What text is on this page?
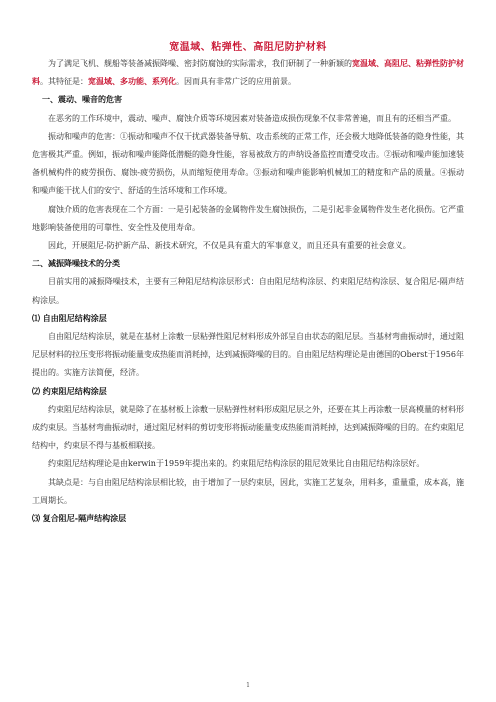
宽温域、粘弹性、高阻尼防护材料

为了满足飞机、舰船等装备减振降噪、密封防腐蚀的实际需求，我们研制了一种新颖的宽温域、高阻尼、粘弹性防护材料。其特征是：宽温域、多功能、系列化。因而具有非常广泛的应用前景。

一、震动、噪音的危害

在恶劣的工作环境中，震动、噪声、腐蚀介质等环境因素对装备造成损伤现象不仅非常普遍，而且有的还相当严重。

振动和噪声的危害：①振动和噪声不仅干扰武器装备导航、攻击系统的正常工作，还会极大地降低装备的隐身性能，其危害极其严重。例如，振动和噪声能降低潜艇的隐身性能，容易被敌方的声纳设备监控而遭受攻击。②振动和噪声能加速装备机械构件的疲劳损伤、腐蚀-疲劳损伤，从而缩短使用寿命。③振动和噪声能影响机械加工的精度和产品的质量。④振动和噪声能干扰人们的安宁、舒适的生活环境和工作环境。

腐蚀介质的危害表现在二个方面：一是引起装备的金属物件发生腐蚀损伤，二是引起非金属物件发生老化损伤。它严重地影响装备使用的可靠性、安全性及使用寿命。

因此，开展阻尼-防护新产品、新技术研究，不仅是具有重大的军事意义，而且还具有重要的社会意义。

二、减振降噪技术的分类

目前实用的减振降噪技术，主要有三种阻尼结构涂层形式：自由阻尼结构涂层、约束阻尼结构涂层、复合阻尼-隔声结构涂层。

⑴ 自由阻尼结构涂层

自由阻尼结构涂层，就是在基材上涂敷一层粘弹性阻尼材料形成外部呈自由状态的阻尼层。当基材弯曲振动时，通过阻尼层材料的拉压变形将振动能量变成热能而消耗掉，达到减振降噪的目的。自由阻尼结构理论是由德国的Oberst于1956年提出的。实施方法简便，经济。

⑵ 约束阻尼结构涂层

约束阻尼结构涂层，就是除了在基材板上涂敷一层粘弹性材料形成阻尼层之外，还要在其上再涂敷一层高模量的材料形成约束层。当基材弯曲振动时，通过阻尼材料的剪切变形将振动能量变成热能而消耗掉，达到减振降噪的目的。在约束阻尼结构中，约束层不得与基板相联接。

约束阻尼结构理论是由kerwin于1959年提出来的。约束阻尼结构涂层的阻尼效果比自由阻尼结构涂层好。

其缺点是：与自由阻尼结构涂层相比较，由于增加了一层约束层，因此，实施工艺复杂，用料多，重量重，成本高，施工周期长。

⑶ 复合阻尼-隔声结构涂层
1
